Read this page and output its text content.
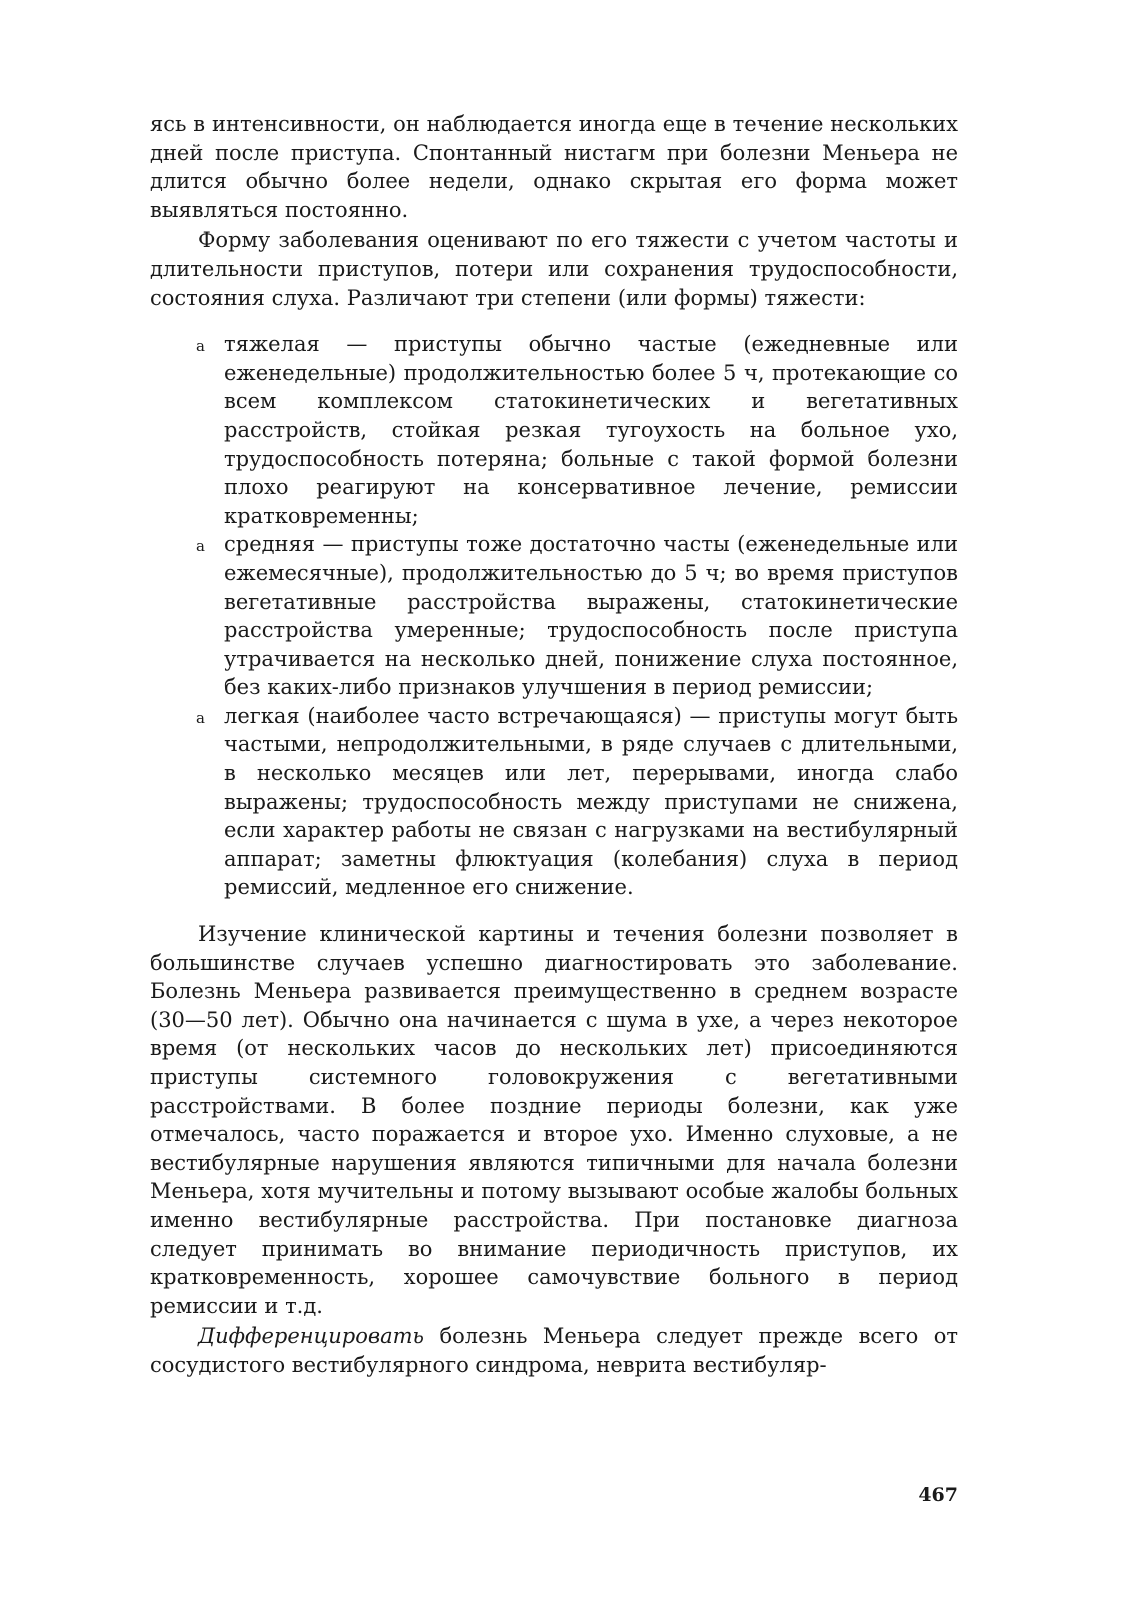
ясь в интенсивности, он наблюдается иногда еще в течение нескольких дней после приступа. Спонтанный нистагм при болезни Меньера не длится обычно более недели, однако скрытая его форма может выявляться постоянно.

Форму заболевания оценивают по его тяжести с учетом частоты и длительности приступов, потери или сохранения трудоспособности, состояния слуха. Различают три степени (или формы) тяжести:

a тяжелая — приступы обычно частые (ежедневные или еженедельные) продолжительностью более 5 ч, протекающие со всем комплексом статокинетических и вегетативных расстройств, стойкая резкая тугоухость на больное ухо, трудоспособность потеряна; больные с такой формой болезни плохо реагируют на консервативное лечение, ремиссии кратковременны;
a средняя — приступы тоже достаточно часты (еженедельные или ежемесячные), продолжительностью до 5 ч; во время приступов вегетативные расстройства выражены, статокинетические расстройства умеренные; трудоспособность после приступа утрачивается на несколько дней, понижение слуха постоянное, без каких-либо признаков улучшения в период ремиссии;
a легкая (наиболее часто встречающаяся) — приступы могут быть частыми, непродолжительными, в ряде случаев с длительными, в несколько месяцев или лет, перерывами, иногда слабо выражены; трудоспособность между приступами не снижена, если характер работы не связан с нагрузками на вестибулярный аппарат; заметны флюктуация (колебания) слуха в период ремиссий, медленное его снижение.

Изучение клинической картины и течения болезни позволяет в большинстве случаев успешно диагностировать это заболевание. Болезнь Меньера развивается преимущественно в среднем возрасте (30—50 лет). Обычно она начинается с шума в ухе, а через некоторое время (от нескольких часов до нескольких лет) присоединяются приступы системного головокружения с вегетативными расстройствами. В более поздние периоды болезни, как уже отмечалось, часто поражается и второе ухо. Именно слуховые, а не вестибулярные нарушения являются типичными для начала болезни Меньера, хотя мучительны и потому вызывают особые жалобы больных именно вестибулярные расстройства. При постановке диагноза следует принимать во внимание периодичность приступов, их кратковременность, хорошее самочувствие больного в период ремиссии и т.д.

Дифференцировать болезнь Меньера следует прежде всего от сосудистого вестибулярного синдрома, неврита вестибуляр-

467
